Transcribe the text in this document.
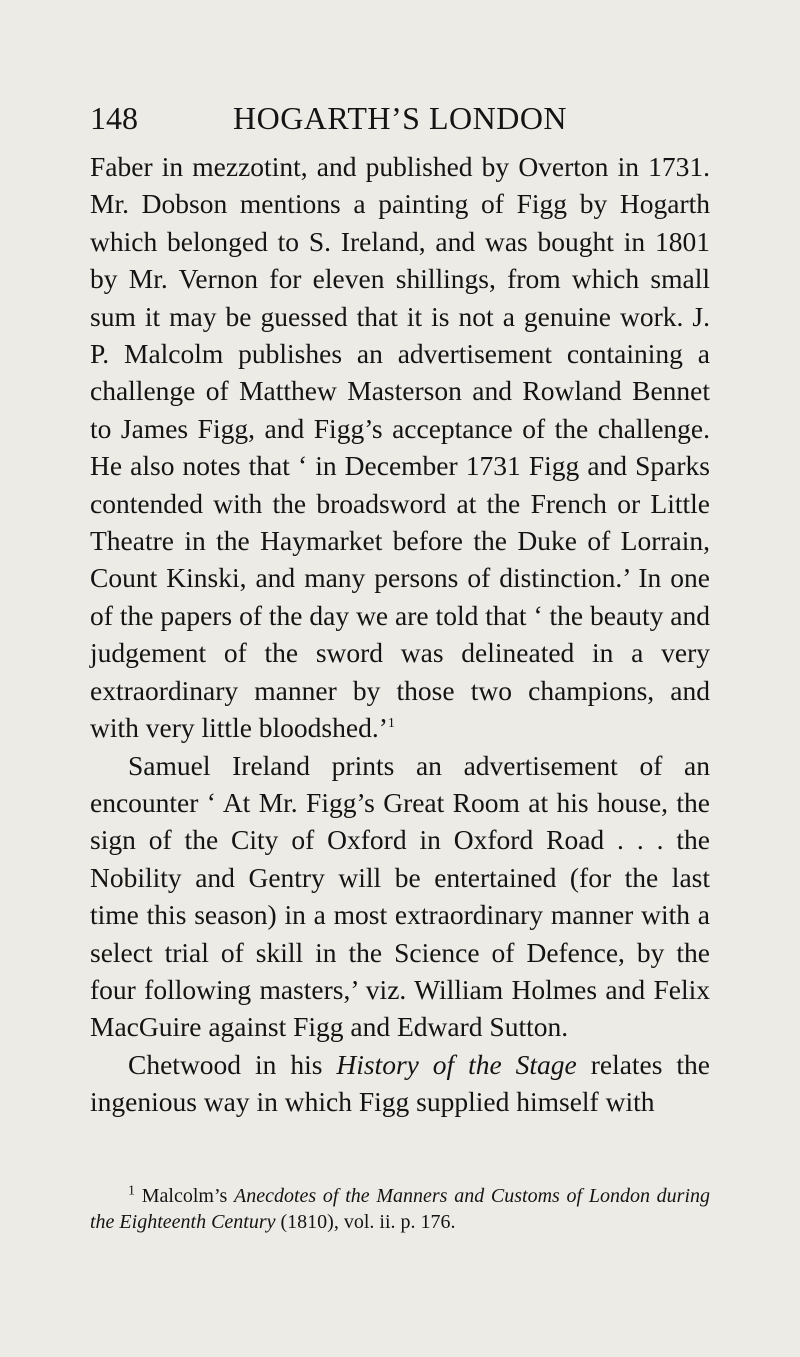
148	HOGARTH’S LONDON

Faber in mezzotint, and published by Overton in 1731. Mr. Dobson mentions a painting of Figg by Hogarth which belonged to S. Ireland, and was bought in 1801 by Mr. Vernon for eleven shillings, from which small sum it may be guessed that it is not a genuine work. J. P. Malcolm publishes an advertisement containing a challenge of Matthew Masterson and Rowland Bennet to James Figg, and Figg’s acceptance of the challenge. He also notes that ‘ in December 1731 Figg and Sparks contended with the broadsword at the French or Little Theatre in the Haymarket before the Duke of Lorrain, Count Kinski, and many persons of distinction.’ In one of the papers of the day we are told that ‘ the beauty and judgement of the sword was delineated in a very extraordinary manner by those two champions, and with very little bloodshed.’$^1$

Samuel Ireland prints an advertisement of an encounter ‘ At Mr. Figg’s Great Room at his house, the sign of the City of Oxford in Oxford Road . . . the Nobility and Gentry will be entertained (for the last time this season) in a most extraordinary manner with a select trial of skill in the Science of Defence, by the four following masters,’ viz. William Holmes and Felix MacGuire against Figg and Edward Sutton.

Chetwood in his History of the Stage relates the ingenious way in which Figg supplied himself with

$^1$ Malcolm’s Anecdotes of the Manners and Customs of London during the Eighteenth Century (1810), vol. ii. p. 176.
